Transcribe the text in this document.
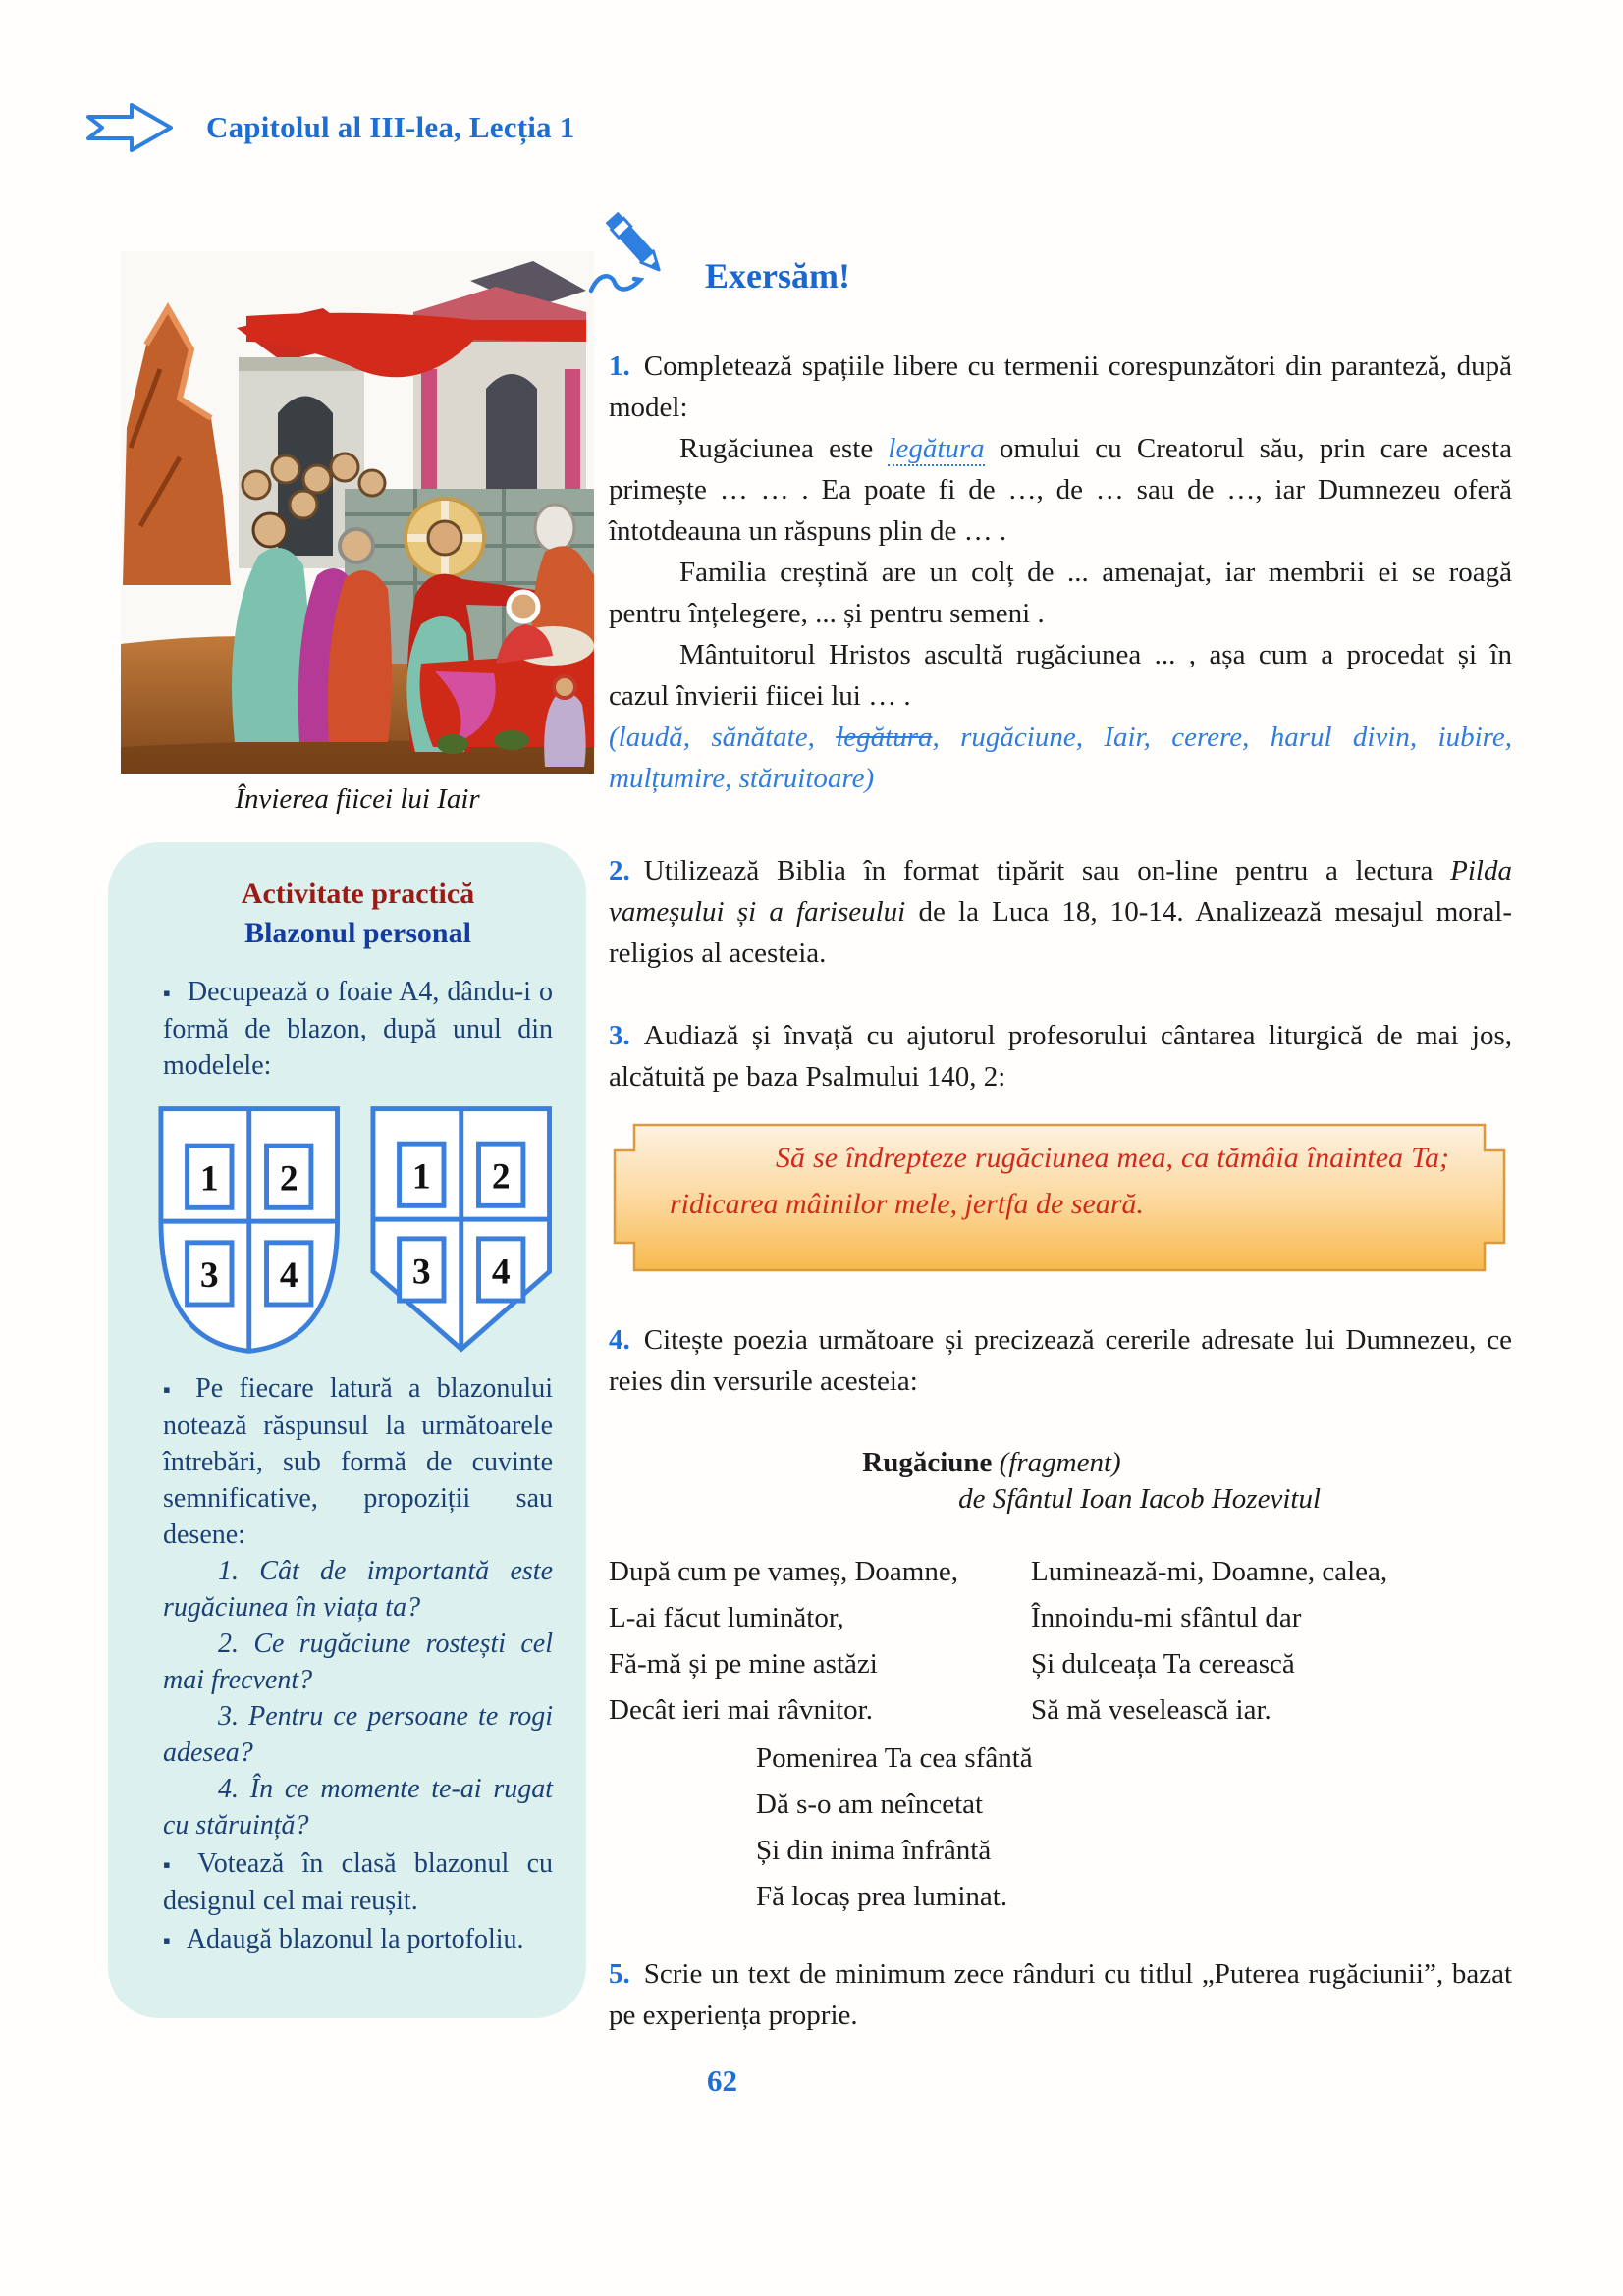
Capitolul al III-lea, Lecția 1
Învierea fiicei lui Iair

Activitate practică

Blazonul personal

▪ Decupează o foaie A4, dându-i o formă de blazon, după unul din modelele:

1 2
3 4
1 2
3 4

▪ Pe fiecare latură a blazonului notează răspunsul la următoarele întrebări, sub formă de cuvinte semnificative, propoziții sau desene:

1. Cât de importantă este rugăciunea în viața ta?

2. Ce rugăciune rostești cel mai frecvent?

3. Pentru ce persoane te rogi adesea?

4. În ce momente te-ai rugat cu stăruință?

▪ Votează în clasă blazonul cu designul cel mai reușit.

▪ Adaugă blazonul la portofoliu.

Exersăm!

1. Completează spațiile libere cu termenii corespunzători din paranteză, după model:

Rugăciunea este legătura omului cu Creatorul său, prin care acesta primește … … . Ea poate fi de …, de … sau de …, iar Dumnezeu oferă întotdeauna un răspuns plin de … .

Familia creștină are un colț de ... amenajat, iar membrii ei se roagă pentru înțelegere, ... și pentru semeni .

Mântuitorul Hristos ascultă rugăciunea ... , așa cum a procedat și în cazul învierii fiicei lui … .

(laudă, sănătate, legătura, rugăciune, Iair, cerere, harul divin, iubire, mulțumire, stăruitoare)

2. Utilizează Biblia în format tipărit sau on-line pentru a lectura Pilda vameșului și a fariseului de la Luca 18, 10-14. Analizează mesajul moral-religios al acesteia.

3. Audiază și învață cu ajutorul profesorului cântarea liturgică de mai jos, alcătuită pe baza Psalmului 140, 2:

Să se îndrepteze rugăciunea mea, ca tămâia înaintea Ta; ridicarea mâinilor mele, jertfa de seară.

4. Citește poezia următoare și precizează cererile adresate lui Dumnezeu, ce reies din versurile acesteia:

Rugăciune (fragment)

de Sfântul Ioan Iacob Hozevitul

După cum pe vameș, Doamne,

L-ai făcut luminător,

Fă-mă și pe mine astăzi

Decât ieri mai râvnitor.

Luminează-mi, Doamne, calea,

Înnoindu-mi sfântul dar

Și dulceața Ta cerească

Să mă veselească iar.

Pomenirea Ta cea sfântă

Dă s-o am neîncetat

Și din inima înfrântă

Fă locaș prea luminat.

5. Scrie un text de minimum zece rânduri cu titlul „Puterea rugăciunii”, bazat pe experiența proprie.

62
